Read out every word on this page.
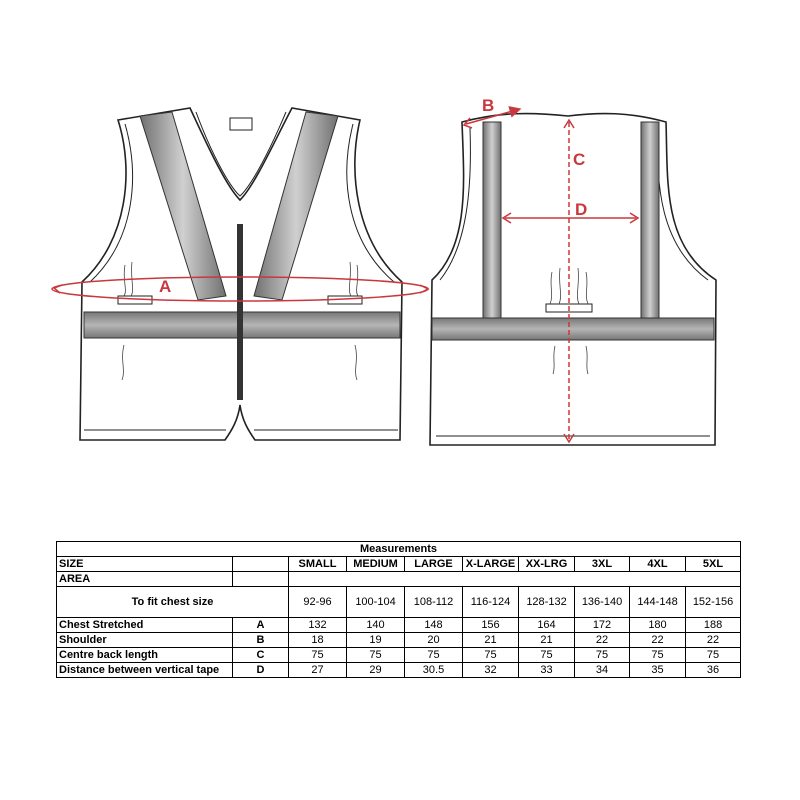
A
B
C
D
Measurements									
SIZE		SMALL	MEDIUM	LARGE	X-LARGE	XX-LRG	3XL	4XL	5XL
AREA									
To fit chest size		92-96	100-104	108-112	116-124	128-132	136-140	144-148	152-156
Chest Stretched	A	132	140	148	156	164	172	180	188
Shoulder	B	18	19	20	21	21	22	22	22
Centre back length	C	75	75	75	75	75	75	75	75
Distance between vertical tape	D	27	29	30.5	32	33	34	35	36
